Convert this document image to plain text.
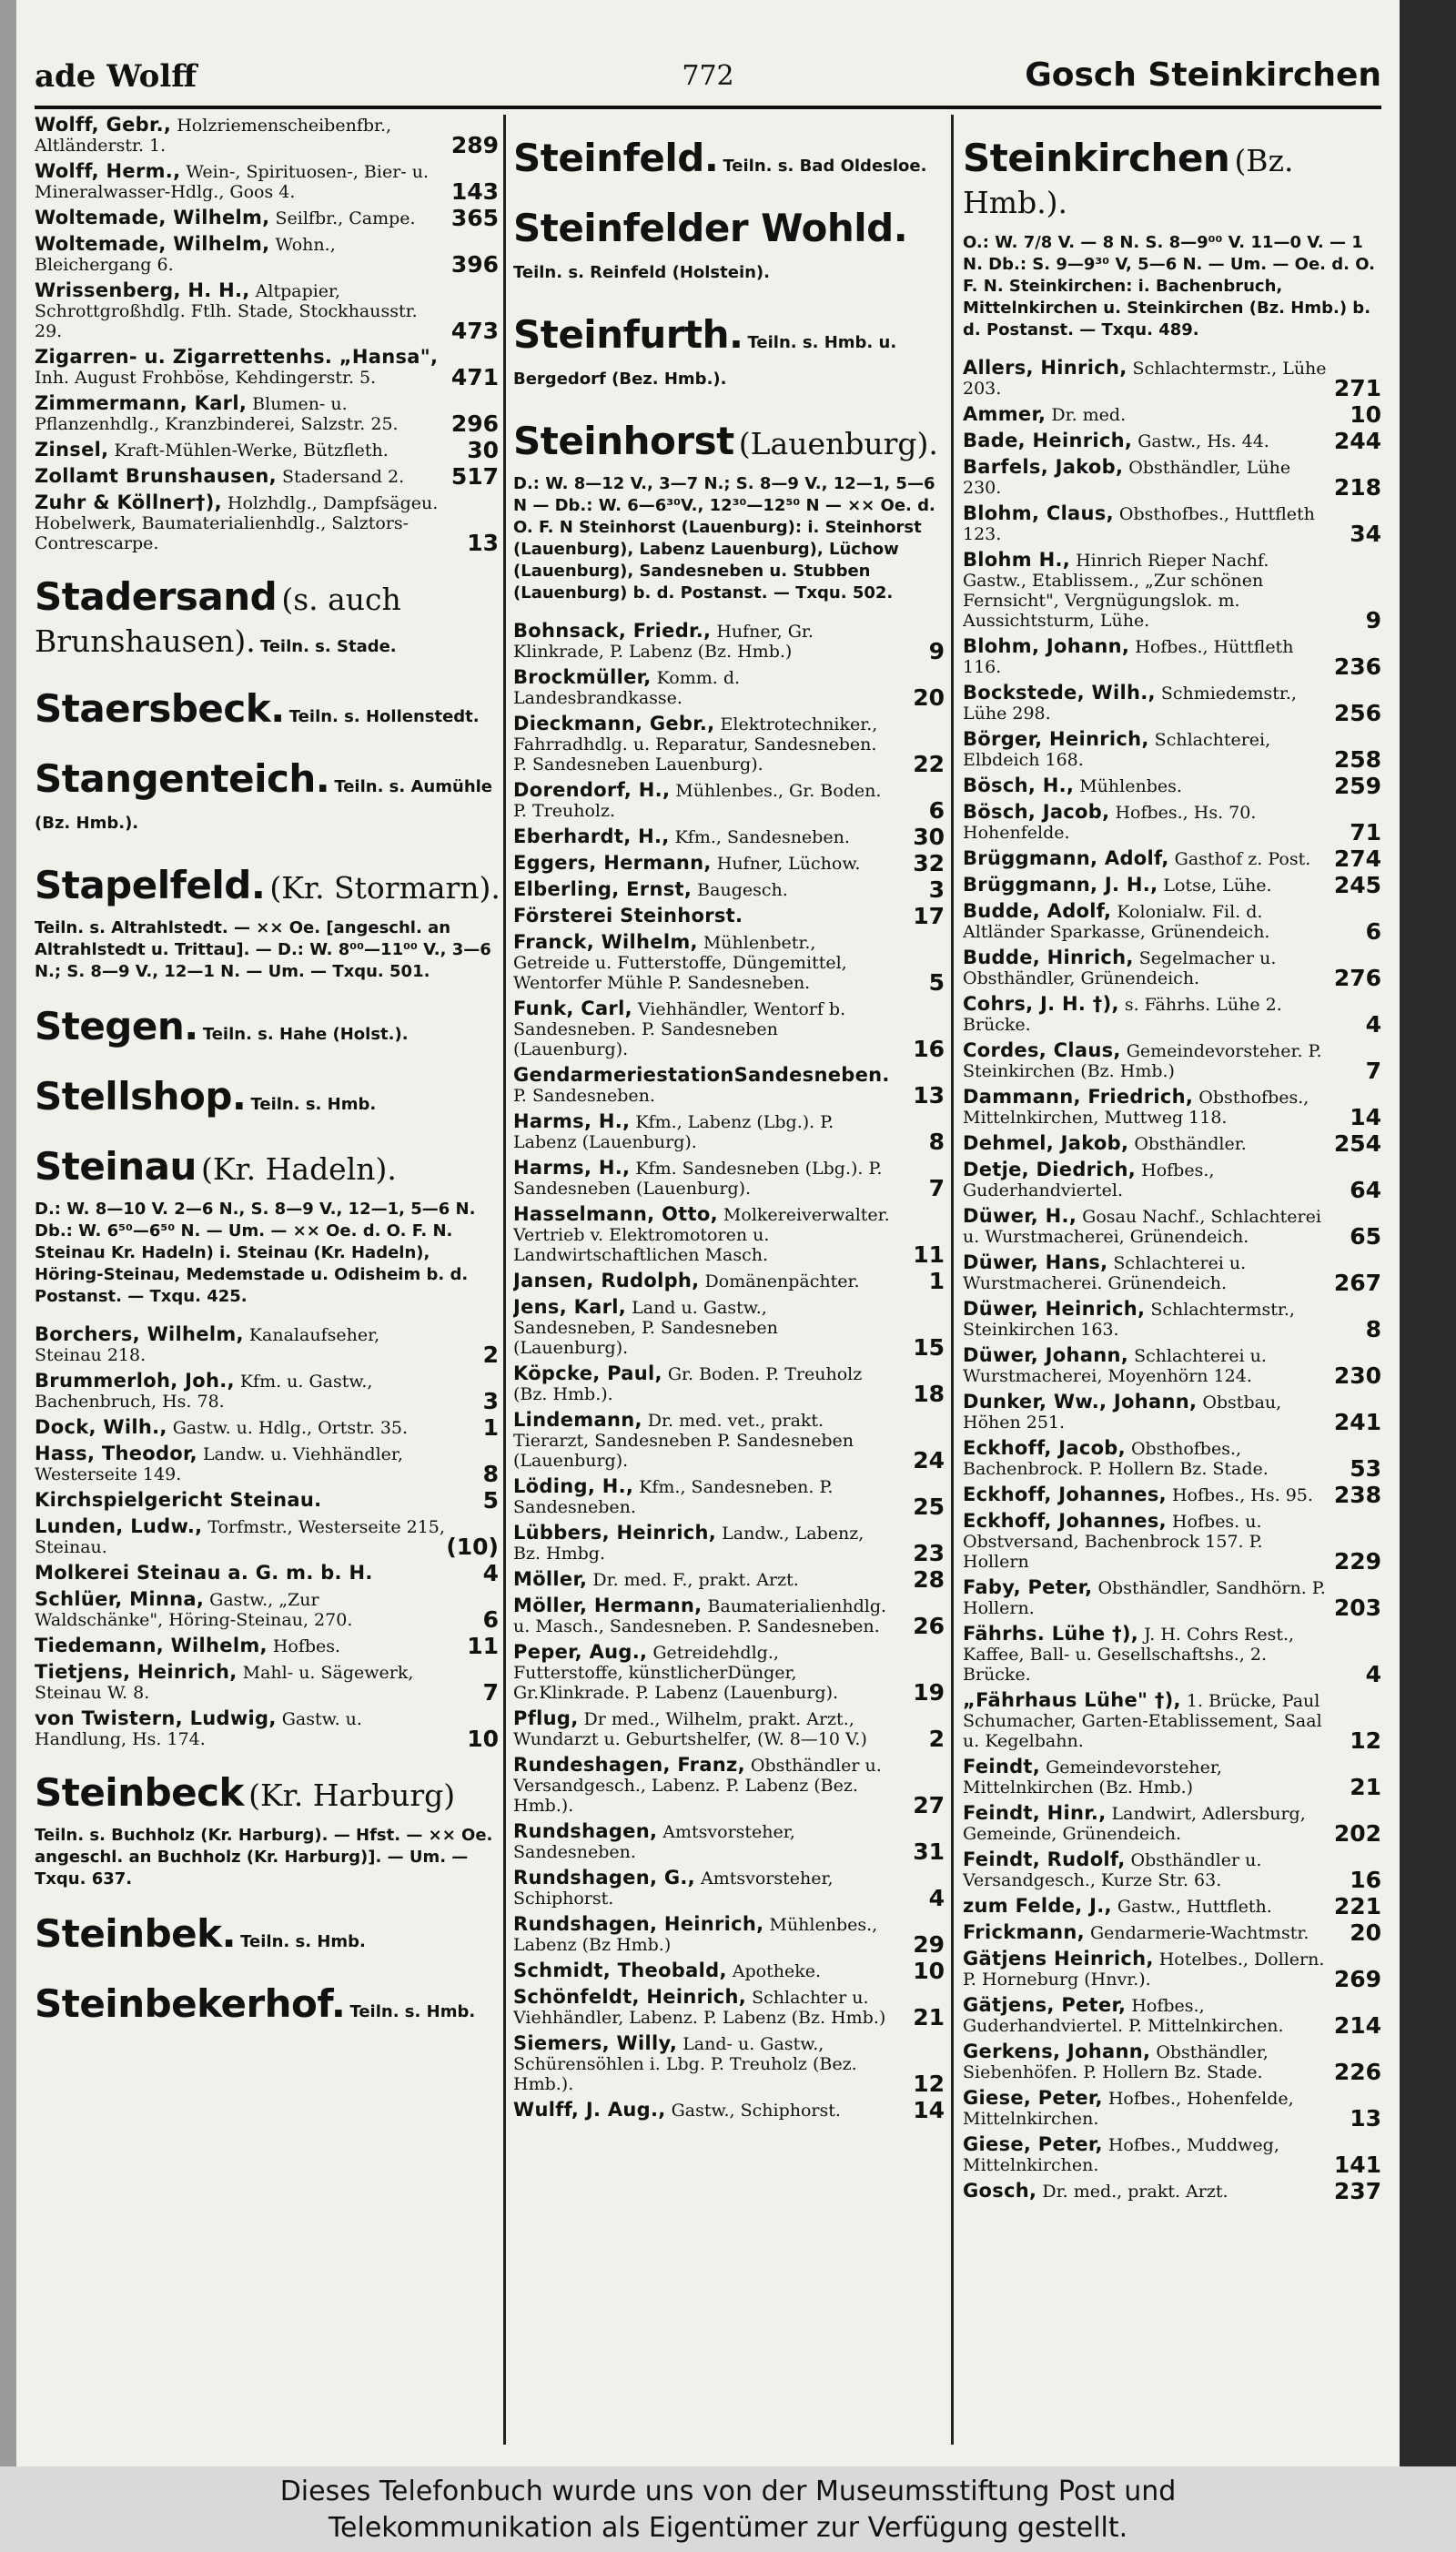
ade Wolff	772	Gosch Steinkirchen
Wolff, Gebr., Holzriemenscheibenfbr., Altländerstr. 1.	289
Wolff, Herm., Wein-, Spirituosen-, Bier- u. Mineralwasser-Hdlg., Goos 4.	143
Woltemade, Wilhelm, Seilfbr., Campe.	365
Woltemade, Wilhelm, Wohn., Bleichergang 6.	396
Wrissenberg, H. H., Altpapier, Schrottgroßhdlg. Ftlh. Stade, Stockhausstr. 29.	473
Zigarren- u. Zigarrettenhs. „Hansa", Inh. August Frohböse, Kehdingerstr. 5.	471
Zimmermann, Karl, Blumen- u. Pflanzenhdlg., Kranzbinderei, Salzstr. 25.	296
Zinsel, Kraft-Mühlen-Werke, Bützfleth.	30
Zollamt Brunshausen, Stadersand 2.	517
Zuhr & Köllner†), Holzhdlg., Dampfsägeu. Hobelwerk, Baumaterialienhdlg., Salztors-Contrescarpe.	13
Stadersand (s. auch Brunshausen). Teiln. s. Stade.
Staersbeck. Teiln. s. Hollenstedt.
Stangenteich. Teiln. s. Aumühle (Bz. Hmb.).
Stapelfeld. (Kr. Stormarn).
Teiln. s. Altrahlstedt. — ×× Oe. [angeschl. an Altrahlstedt u. Trittau]. — D.: W. 8⁰⁰—11⁰⁰ V., 3—6 N.; S. 8—9 V., 12—1 N. — Um. — Txqu. 501.
Stegen. Teiln. s. Hahe (Holst.).
Stellshop. Teiln. s. Hmb.
Steinau (Kr. Hadeln).
D.: W. 8—10 V. 2—6 N., S. 8—9 V., 12—1, 5—6 N. Db.: W. 6⁵⁰—6⁵⁰ N. — Um. — ×× Oe. d. O. F. N. Steinau Kr. Hadeln) i. Steinau (Kr. Hadeln), Höring-Steinau, Medemstade u. Odisheim b. d. Postanst. — Txqu. 425.
Borchers, Wilhelm, Kanalaufseher, Steinau 218.	2
Brummerloh, Joh., Kfm. u. Gastw., Bachenbruch, Hs. 78.	3
Dock, Wilh., Gastw. u. Hdlg., Ortstr. 35.	1
Hass, Theodor, Landw. u. Viehhändler, Westerseite 149.	8
Kirchspielgericht Steinau.	5
Lunden, Ludw., Torfmstr., Westerseite 215, Steinau.	(10)
Molkerei Steinau a. G. m. b. H.	4
Schlüer, Minna, Gastw., „Zur Waldschänke", Höring-Steinau, 270.	6
Tiedemann, Wilhelm, Hofbes.	11
Tietjens, Heinrich, Mahl- u. Sägewerk, Steinau W. 8.	7
von Twistern, Ludwig, Gastw. u. Handlung, Hs. 174.	10
Steinbeck (Kr. Harburg)
Teiln. s. Buchholz (Kr. Harburg). — Hfst. — ×× Oe. angeschl. an Buchholz (Kr. Harburg)]. — Um. — Txqu. 637.
Steinbek. Teiln. s. Hmb.
Steinbekerhof. Teiln. s. Hmb.
Steinfeld. Teiln. s. Bad Oldesloe.
Steinfelder Wohld. Teiln. s. Reinfeld (Holstein).
Steinfurth. Teiln. s. Hmb. u. Bergedorf (Bez. Hmb.).
Steinhorst (Lauenburg).
D.: W. 8—12 V., 3—7 N.; S. 8—9 V., 12—1, 5—6 N — Db.: W. 6—6³⁰V., 12³⁰—12⁵⁰ N — ×× Oe. d. O. F. N Steinhorst (Lauenburg): i. Steinhorst (Lauenburg), Labenz Lauenburg), Lüchow (Lauenburg), Sandesneben u. Stubben (Lauenburg) b. d. Postanst. — Txqu. 502.
Bohnsack, Friedr., Hufner, Gr. Klinkrade, P. Labenz (Bz. Hmb.)	9
Brockmüller, Komm. d. Landesbrandkasse.	20
Dieckmann, Gebr., Elektrotechniker., Fahrradhdlg. u. Reparatur, Sandesneben. P. Sandesneben Lauenburg).	22
Dorendorf, H., Mühlenbes., Gr. Boden. P. Treuholz.	6
Eberhardt, H., Kfm., Sandesneben.	30
Eggers, Hermann, Hufner, Lüchow.	32
Elberling, Ernst, Baugesch.	3
Försterei Steinhorst.	17
Franck, Wilhelm, Mühlenbetr., Getreide u. Futterstoffe, Düngemittel, Wentorfer Mühle P. Sandesneben.	5
Funk, Carl, Viehhändler, Wentorf b. Sandesneben. P. Sandesneben (Lauenburg).	16
GendarmeriestationSandesneben. P. Sandesneben.	13
Harms, H., Kfm., Labenz (Lbg.). P. Labenz (Lauenburg).	8
Harms, H., Kfm. Sandesneben (Lbg.). P. Sandesneben (Lauenburg).	7
Hasselmann, Otto, Molkereiverwalter. Vertrieb v. Elektromotoren u. Landwirtschaftlichen Masch.	11
Jansen, Rudolph, Domänenpächter.	1
Jens, Karl, Land u. Gastw., Sandesneben, P. Sandesneben (Lauenburg).	15
Köpcke, Paul, Gr. Boden. P. Treuholz (Bz. Hmb.).	18
Lindemann, Dr. med. vet., prakt. Tierarzt, Sandesneben P. Sandesneben (Lauenburg).	24
Löding, H., Kfm., Sandesneben. P. Sandesneben.	25
Lübbers, Heinrich, Landw., Labenz, Bz. Hmbg.	23
Möller, Dr. med. F., prakt. Arzt.	28
Möller, Hermann, Baumaterialienhdlg. u. Masch., Sandesneben. P. Sandesneben.	26
Peper, Aug., Getreidehdlg., Futterstoffe, künstlicherDünger, Gr.Klinkrade. P. Labenz (Lauenburg).	19
Pflug, Dr med., Wilhelm, prakt. Arzt., Wundarzt u. Geburtshelfer, (W. 8—10 V.)	2
Rundeshagen, Franz, Obsthändler u. Versandgesch., Labenz. P. Labenz (Bez. Hmb.).	27
Rundshagen, Amtsvorsteher, Sandesneben.	31
Rundshagen, G., Amtsvorsteher, Schiphorst.	4
Rundshagen, Heinrich, Mühlenbes., Labenz (Bz Hmb.)	29
Schmidt, Theobald, Apotheke.	10
Schönfeldt, Heinrich, Schlachter u. Viehhändler, Labenz. P. Labenz (Bz. Hmb.)	21
Siemers, Willy, Land- u. Gastw., Schürensöhlen i. Lbg. P. Treuholz (Bez. Hmb.).	12
Wulff, J. Aug., Gastw., Schiphorst.	14
Steinkirchen (Bz. Hmb.).
O.: W. 7/8 V. — 8 N. S. 8—9⁰⁰ V. 11—0 V. — 1 N. Db.: S. 9—9³⁰ V, 5—6 N. — Um. — Oe. d. O. F. N. Steinkirchen: i. Bachenbruch, Mittelnkirchen u. Steinkirchen (Bz. Hmb.) b. d. Postanst. — Txqu. 489.
Allers, Hinrich, Schlachtermstr., Lühe 203.	271
Ammer, Dr. med.	10
Bade, Heinrich, Gastw., Hs. 44.	244
Barfels, Jakob, Obsthändler, Lühe 230.	218
Blohm, Claus, Obsthofbes., Huttfleth 123.	34
Blohm H., Hinrich Rieper Nachf. Gastw., Etablissem., „Zur schönen Fernsicht", Vergnügungslok. m. Aussichtsturm, Lühe.	9
Blohm, Johann, Hofbes., Hüttfleth 116.	236
Bockstede, Wilh., Schmiedemstr., Lühe 298.	256
Börger, Heinrich, Schlachterei, Elbdeich 168.	258
Bösch, H., Mühlenbes.	259
Bösch, Jacob, Hofbes., Hs. 70. Hohenfelde.	71
Brüggmann, Adolf, Gasthof z. Post.	274
Brüggmann, J. H., Lotse, Lühe.	245
Budde, Adolf, Kolonialw. Fil. d. Altländer Sparkasse, Grünendeich.	6
Budde, Hinrich, Segelmacher u. Obsthändler, Grünendeich.	276
Cohrs, J. H. †), s. Fährhs. Lühe 2. Brücke.	4
Cordes, Claus, Gemeindevorsteher. P. Steinkirchen (Bz. Hmb.)	7
Dammann, Friedrich, Obsthofbes., Mittelnkirchen, Muttweg 118.	14
Dehmel, Jakob, Obsthändler.	254
Detje, Diedrich, Hofbes., Guderhandviertel.	64
Düwer, H., Gosau Nachf., Schlachterei u. Wurstmacherei, Grünendeich.	65
Düwer, Hans, Schlachterei u. Wurstmacherei. Grünendeich.	267
Düwer, Heinrich, Schlachtermstr., Steinkirchen 163.	8
Düwer, Johann, Schlachterei u. Wurstmacherei, Moyenhörn 124.	230
Dunker, Ww., Johann, Obstbau, Höhen 251.	241
Eckhoff, Jacob, Obsthofbes., Bachenbrock. P. Hollern Bz. Stade.	53
Eckhoff, Johannes, Hofbes., Hs. 95. 238
Eckhoff, Johannes, Hofbes. u. Obstversand, Bachenbrock 157. P. Hollern	229
Faby, Peter, Obsthändler, Sandhörn. P. Hollern.	203
Fährhs. Lühe †), J. H. Cohrs Rest., Kaffee, Ball- u. Gesellschaftshs., 2. Brücke.	4
„Fährhaus Lühe" †), 1. Brücke, Paul Schumacher, Garten-Etablissement, Saal u. Kegelbahn.	12
Feindt, Gemeindevorsteher, Mittelnkirchen (Bz. Hmb.)	21
Feindt, Hinr., Landwirt, Adlersburg, Gemeinde, Grünendeich.	202
Feindt, Rudolf, Obsthändler u. Versandgesch., Kurze Str. 63.	16
zum Felde, J., Gastw., Huttfleth.	221
Frickmann, Gendarmerie-Wachtmstr.	20
Gätjens Heinrich, Hotelbes., Dollern. P. Horneburg (Hnvr.).	269
Gätjens, Peter, Hofbes., Guderhandviertel. P. Mittelnkirchen.	214
Gerkens, Johann, Obsthändler, Siebenhöfen. P. Hollern Bz. Stade.	226
Giese, Peter, Hofbes., Hohenfelde, Mittelnkirchen.	13
Giese, Peter, Hofbes., Muddweg, Mittelnkirchen.	141
Gosch, Dr. med., prakt. Arzt.	237
Dieses Telefonbuch wurde uns von der Museumsstiftung Post und
Telekommunikation als Eigentümer zur Verfügung gestellt.
